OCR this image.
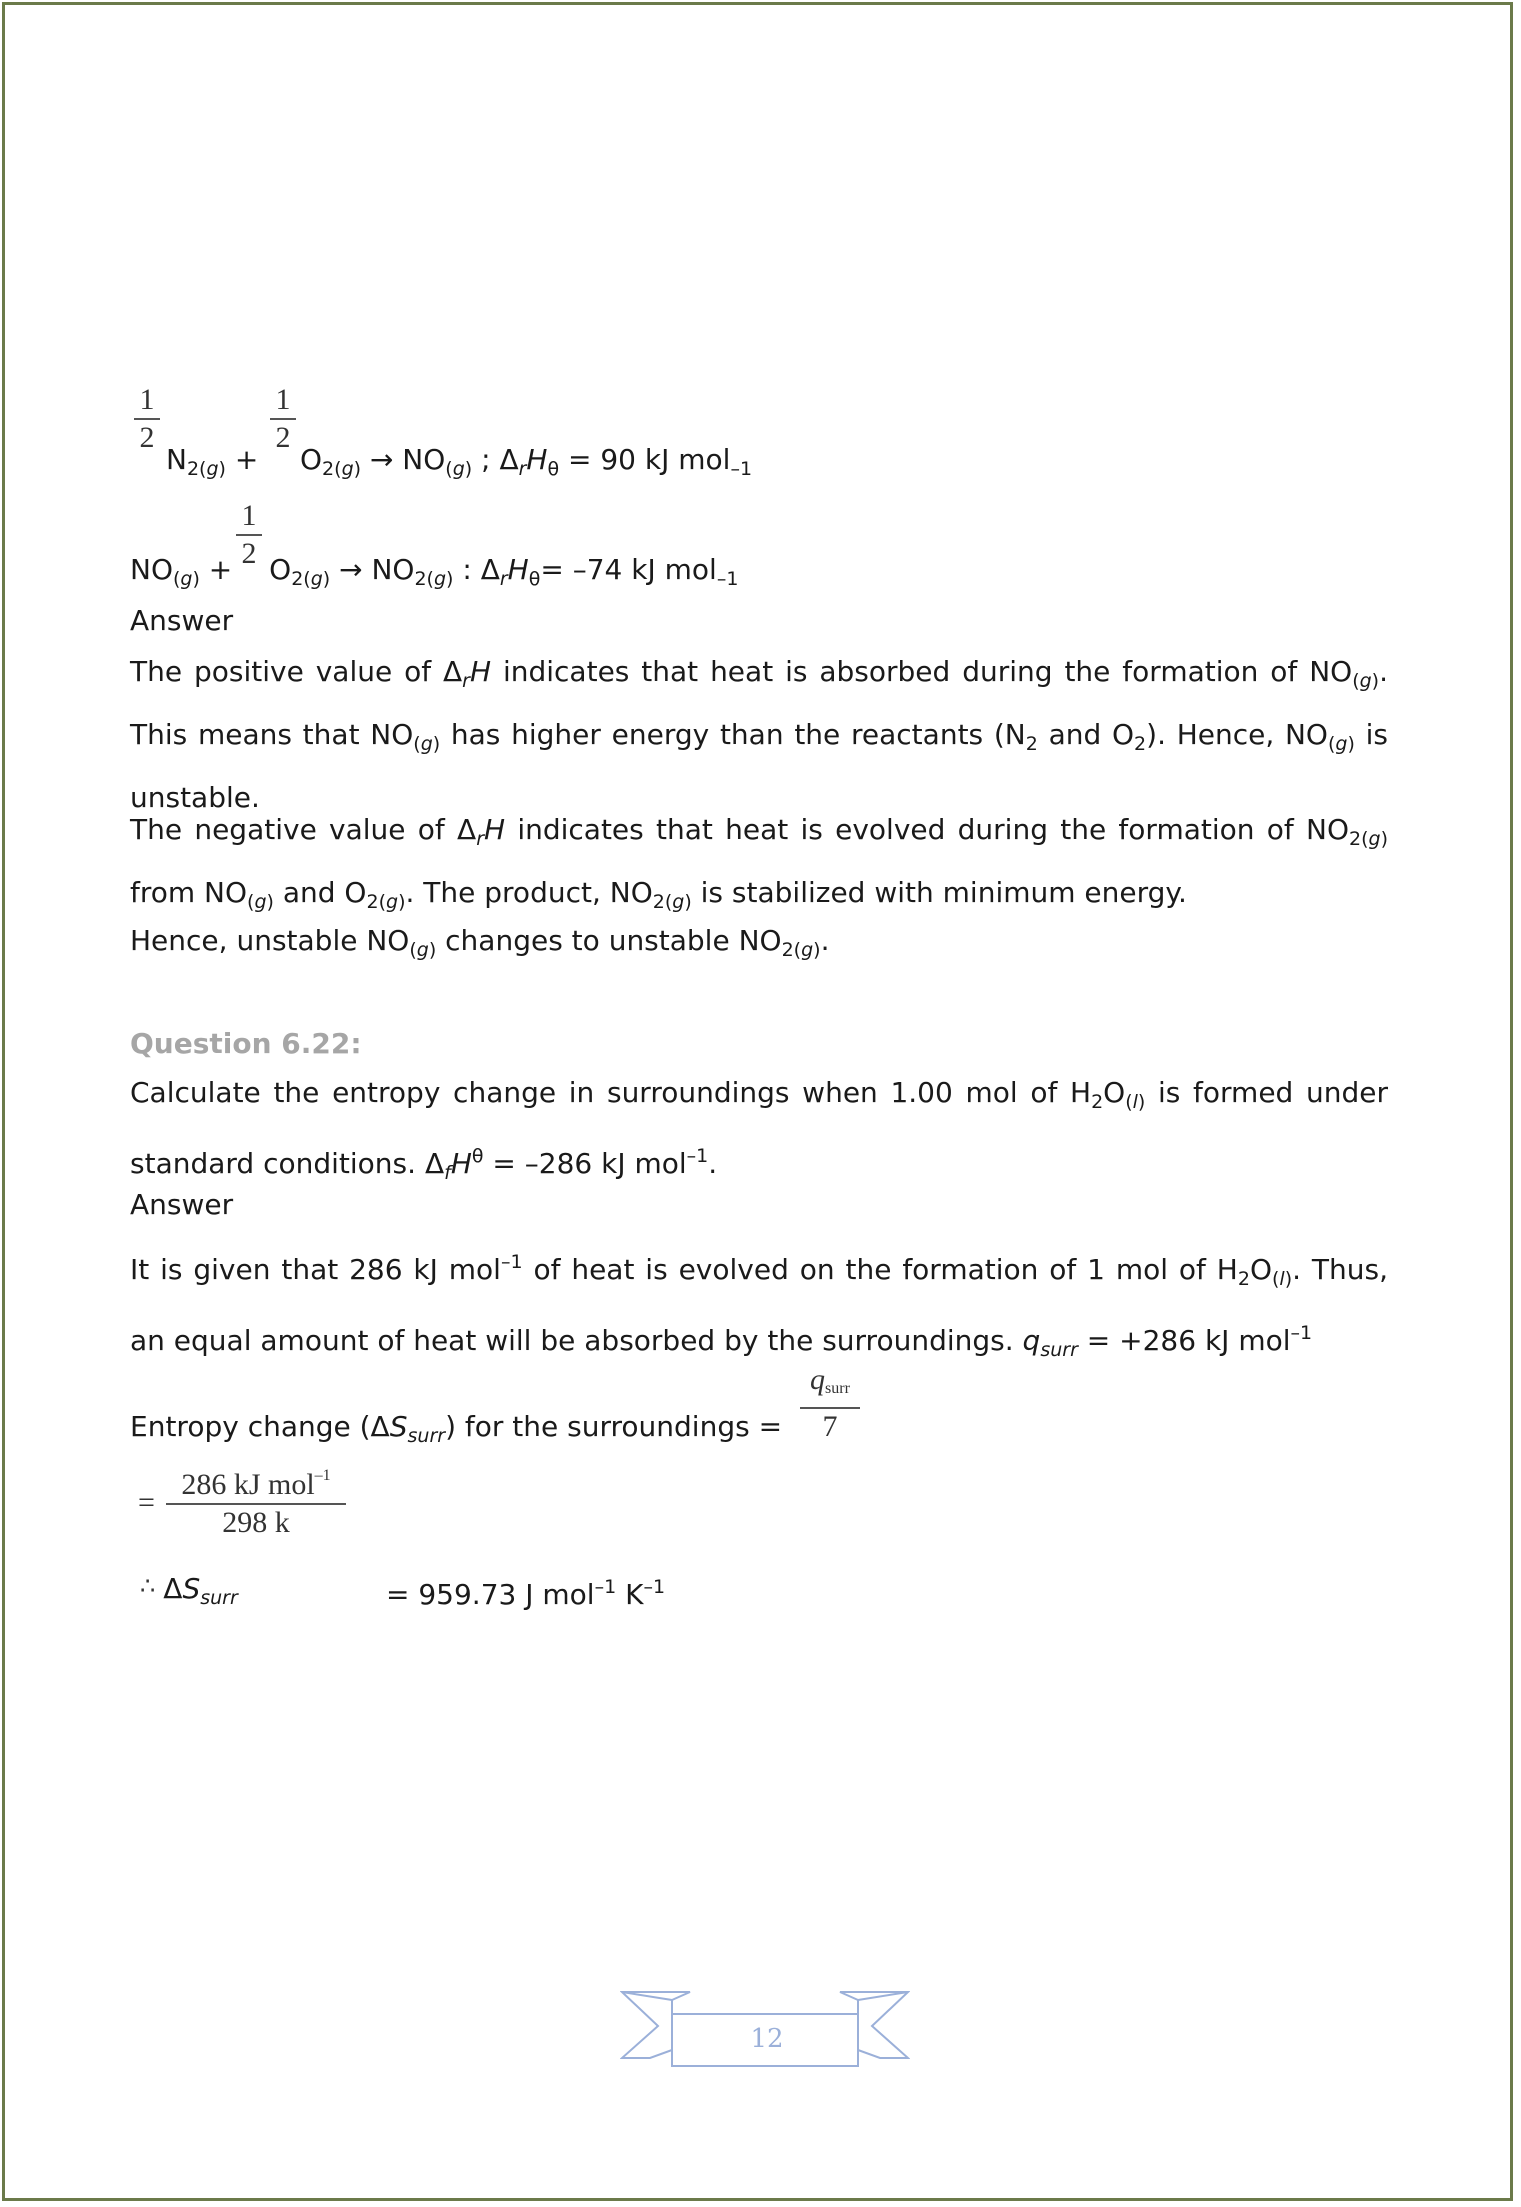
1
2
1
2
$N_{2(g)} + O_{2(g)} \to NO_{(g)}$ ; $\Delta_rH_\theta = 90$ kJ mol$_{-1}$
1
2
$NO_{(g)} + O_{2(g)} \to NO_{2(g)}$ : $\Delta_rH_\theta= -74$ kJ mol$_{-1}$
Answer
The positive value of $\Delta_rH$ indicates that heat is absorbed during the formation of $NO_{(g)}$. This means that $NO_{(g)}$ has higher energy than the reactants ($N_2$ and $O_2$). Hence, $NO_{(g)}$ is unstable.
The negative value of $\Delta_rH$ indicates that heat is evolved during the formation of $NO_{2(g)}$ from $NO_{(g)}$ and $O_{2(g)}$. The product, $NO_{2(g)}$ is stabilized with minimum energy.
Hence, unstable $NO_{(g)}$ changes to unstable $NO_{2(g)}$.
Question 6.22:
Calculate the entropy change in surroundings when 1.00 mol of $H_2O_{(l)}$ is formed under standard conditions. $\Delta_fH^\theta = -286$ kJ mol$^{-1}$.
Answer
It is given that 286 kJ mol$^{-1}$ of heat is evolved on the formation of 1 mol of $H_2O_{(l)}$. Thus, an equal amount of heat will be absorbed by the surroundings. $q_{surr} = +286$ kJ mol$^{-1}$
Entropy change $(\Delta S_{surr})$ for the surroundings =
qsurr
7
=
286 kJ mol$^{-1}$
298 k
∴ $\Delta S_{surr}$	= 959.73 J mol$^{-1}$ $K^{-1}$
12
